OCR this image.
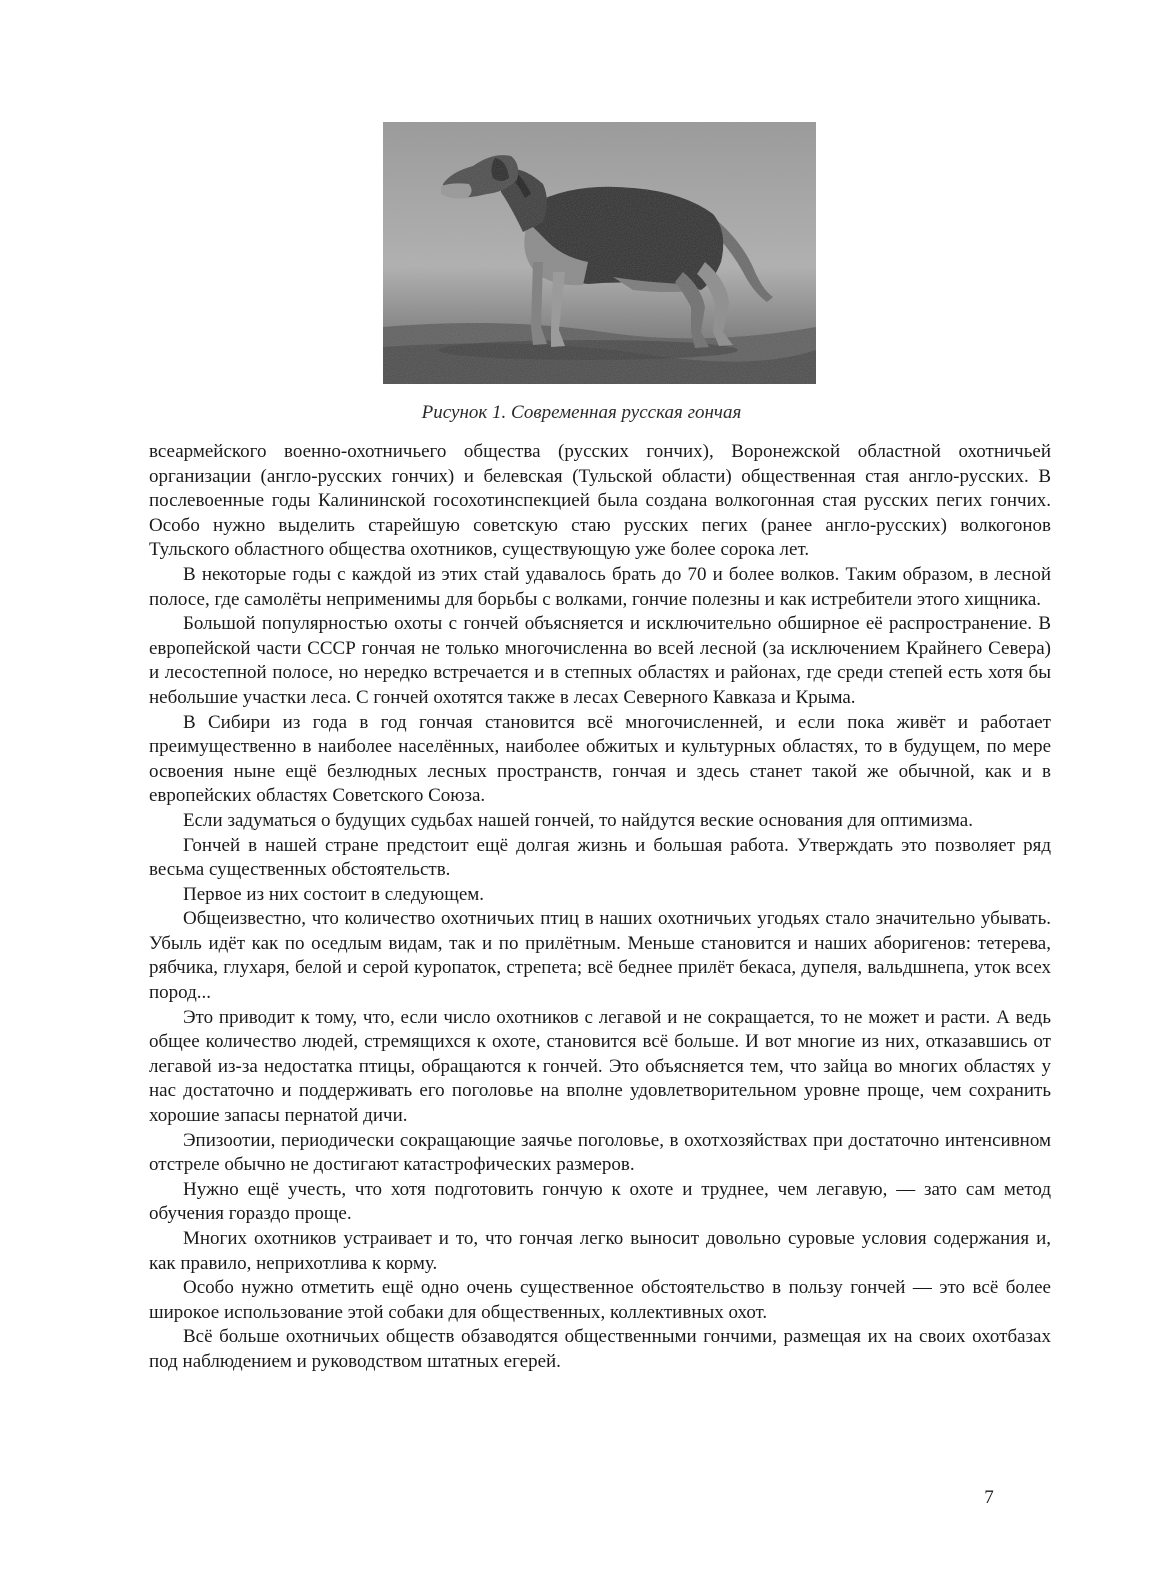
Рисунок 1. Современная русская гончая

всеармейского военно-охотничьего общества (русских гончих), Воронежской областной охотничьей организации (англо-русских гончих) и белевская (Тульской области) общественная стая англо-русских. В послевоенные годы Калининской госохотинспекцией была создана волкогонная стая русских пегих гончих. Особо нужно выделить старейшую советскую стаю русских пегих (ранее англо-русских) волкогонов Тульского областного общества охотников, существующую уже более сорока лет.

В некоторые годы с каждой из этих стай удавалось брать до 70 и более волков. Таким образом, в лесной полосе, где самолёты неприменимы для борьбы с волками, гончие полезны и как истребители этого хищника.

Большой популярностью охоты с гончей объясняется и исключительно обширное её распространение. В европейской части СССР гончая не только многочисленна во всей лесной (за исключением Крайнего Севера) и лесостепной полосе, но нередко встречается и в степных областях и районах, где среди степей есть хотя бы небольшие участки леса. С гончей охотятся также в лесах Северного Кавказа и Крыма.

В Сибири из года в год гончая становится всё многочисленней, и если пока живёт и работает преимущественно в наиболее населённых, наиболее обжитых и культурных областях, то в будущем, по мере освоения ныне ещё безлюдных лесных пространств, гончая и здесь станет такой же обычной, как и в европейских областях Советского Союза.

Если задуматься о будущих судьбах нашей гончей, то найдутся веские основания для оптимизма.

Гончей в нашей стране предстоит ещё долгая жизнь и большая работа. Утверждать это позволяет ряд весьма существенных обстоятельств.

Первое из них состоит в следующем.

Общеизвестно, что количество охотничьих птиц в наших охотничьих угодьях стало значительно убывать. Убыль идёт как по оседлым видам, так и по прилётным. Меньше становится и наших аборигенов: тетерева, рябчика, глухаря, белой и серой куропаток, стрепета; всё беднее прилёт бекаса, дупеля, вальдшнепа, уток всех пород...

Это приводит к тому, что, если число охотников с легавой и не сокращается, то не может и расти. А ведь общее количество людей, стремящихся к охоте, становится всё больше. И вот многие из них, отказавшись от легавой из-за недостатка птицы, обращаются к гончей. Это объясняется тем, что зайца во многих областях у нас достаточно и поддерживать его поголовье на вполне удовлетворительном уровне проще, чем сохранить хорошие запасы пернатой дичи.

Эпизоотии, периодически сокращающие заячье поголовье, в охотхозяйствах при достаточно интенсивном отстреле обычно не достигают катастрофических размеров.

Нужно ещё учесть, что хотя подготовить гончую к охоте и труднее, чем легавую, — зато сам метод обучения гораздо проще.

Многих охотников устраивает и то, что гончая легко выносит довольно суровые условия содержания и, как правило, неприхотлива к корму.

Особо нужно отметить ещё одно очень существенное обстоятельство в пользу гончей — это всё более широкое использование этой собаки для общественных, коллективных охот.

Всё больше охотничьих обществ обзаводятся общественными гончими, размещая их на своих охотбазах под наблюдением и руководством штатных егерей.

7
